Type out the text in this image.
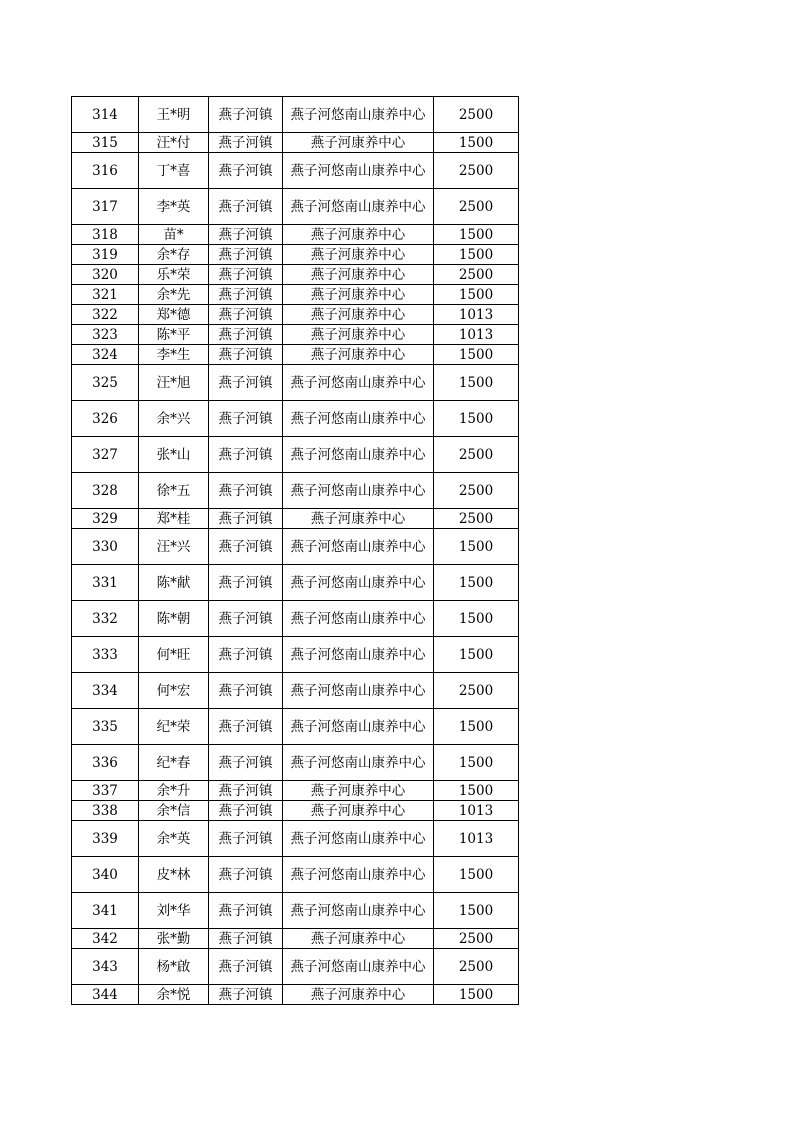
314	王*明	燕子河镇	燕子河悠南山康养中心	2500
315	汪*付	燕子河镇	燕子河康养中心	1500
316	丁*喜	燕子河镇	燕子河悠南山康养中心	2500
317	李*英	燕子河镇	燕子河悠南山康养中心	2500
318	苗*	燕子河镇	燕子河康养中心	1500
319	余*存	燕子河镇	燕子河康养中心	1500
320	乐*荣	燕子河镇	燕子河康养中心	2500
321	余*先	燕子河镇	燕子河康养中心	1500
322	郑*德	燕子河镇	燕子河康养中心	1013
323	陈*平	燕子河镇	燕子河康养中心	1013
324	李*生	燕子河镇	燕子河康养中心	1500
325	汪*旭	燕子河镇	燕子河悠南山康养中心	1500
326	余*兴	燕子河镇	燕子河悠南山康养中心	1500
327	张*山	燕子河镇	燕子河悠南山康养中心	2500
328	徐*五	燕子河镇	燕子河悠南山康养中心	2500
329	郑*桂	燕子河镇	燕子河康养中心	2500
330	汪*兴	燕子河镇	燕子河悠南山康养中心	1500
331	陈*献	燕子河镇	燕子河悠南山康养中心	1500
332	陈*朝	燕子河镇	燕子河悠南山康养中心	1500
333	何*旺	燕子河镇	燕子河悠南山康养中心	1500
334	何*宏	燕子河镇	燕子河悠南山康养中心	2500
335	纪*荣	燕子河镇	燕子河悠南山康养中心	1500
336	纪*春	燕子河镇	燕子河悠南山康养中心	1500
337	余*升	燕子河镇	燕子河康养中心	1500
338	余*信	燕子河镇	燕子河康养中心	1013
339	余*英	燕子河镇	燕子河悠南山康养中心	1013
340	皮*林	燕子河镇	燕子河悠南山康养中心	1500
341	刘*华	燕子河镇	燕子河悠南山康养中心	1500
342	张*勤	燕子河镇	燕子河康养中心	2500
343	杨*啟	燕子河镇	燕子河悠南山康养中心	2500
344	余*悦	燕子河镇	燕子河康养中心	1500
